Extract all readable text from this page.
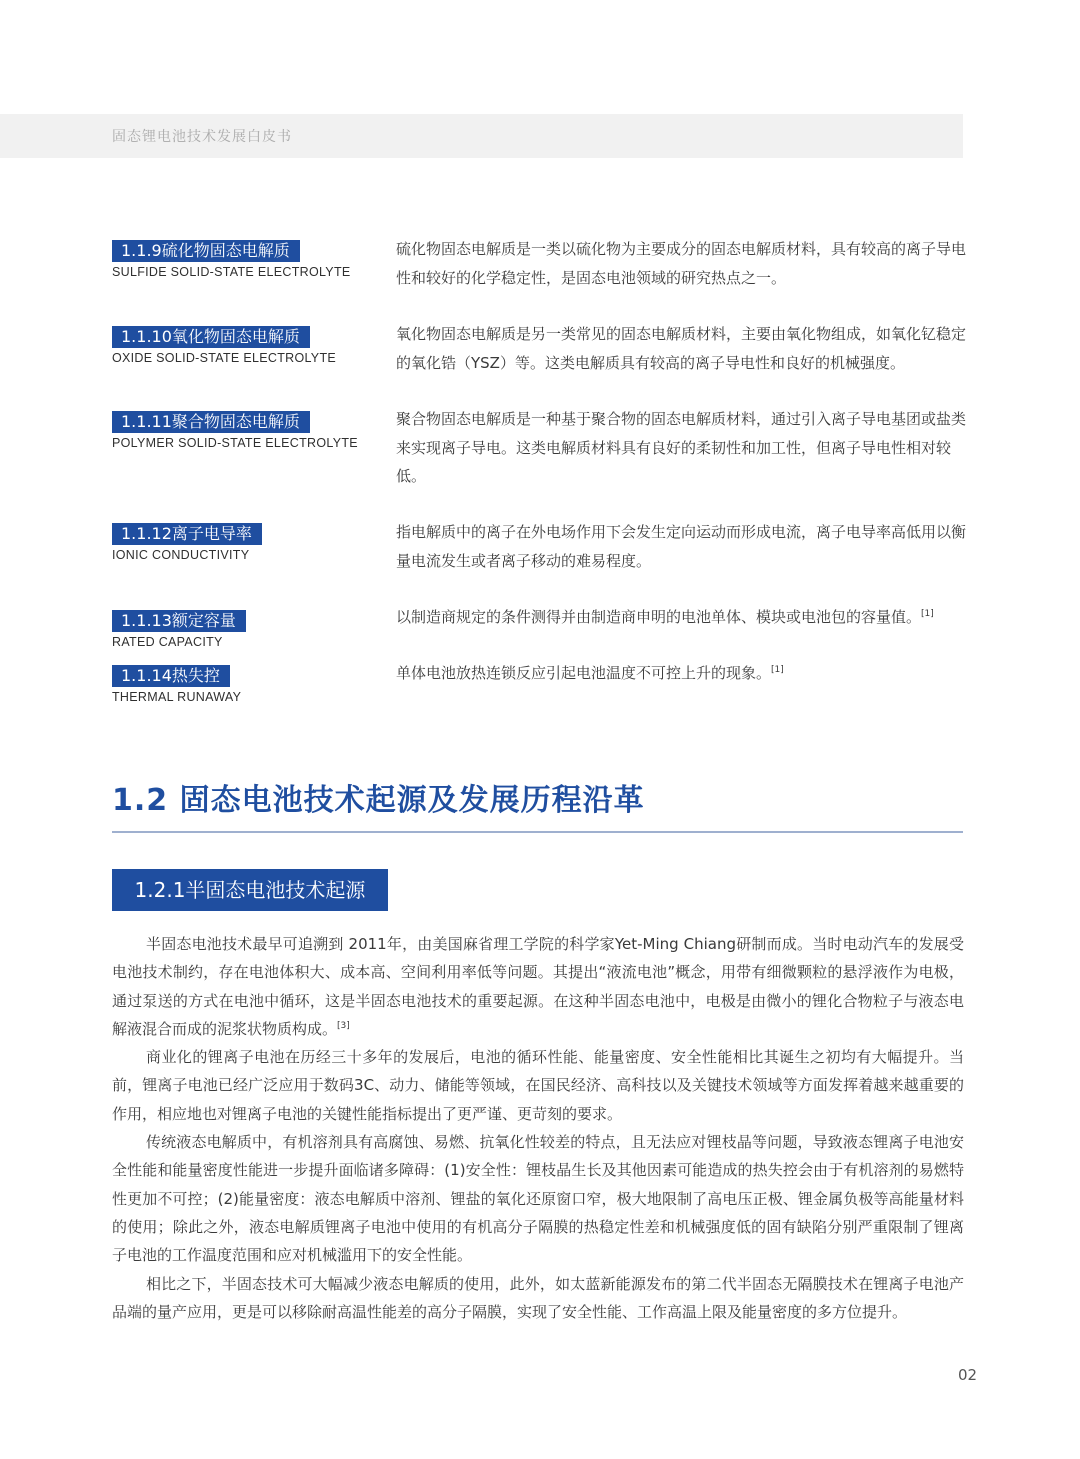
固态锂电池技术发展白皮书
1.1.9硫化物固态电解质
SULFIDE SOLID-STATE ELECTROLYTE
硫化物固态电解质是一类以硫化物为主要成分的固态电解质材料，具有较高的离子导电性和较好的化学稳定性，是固态电池领域的研究热点之一。
1.1.10氧化物固态电解质
OXIDE SOLID-STATE ELECTROLYTE
氧化物固态电解质是另一类常见的固态电解质材料，主要由氧化物组成，如氧化钇稳定的氧化锆（YSZ）等。这类电解质具有较高的离子导电性和良好的机械强度。
1.1.11聚合物固态电解质
POLYMER SOLID-STATE ELECTROLYTE
聚合物固态电解质是一种基于聚合物的固态电解质材料，通过引入离子导电基团或盐类来实现离子导电。这类电解质材料具有良好的柔韧性和加工性，但离子导电性相对较低。
1.1.12离子电导率
IONIC CONDUCTIVITY
指电解质中的离子在外电场作用下会发生定向运动而形成电流，离子电导率高低用以衡量电流发生或者离子移动的难易程度。
1.1.13额定容量
RATED CAPACITY
以制造商规定的条件测得并由制造商申明的电池单体、模块或电池包的容量值。[1]
1.1.14热失控
THERMAL RUNAWAY
单体电池放热连锁反应引起电池温度不可控上升的现象。[1]
1.2 固态电池技术起源及发展历程沿革
1.2.1半固态电池技术起源

半固态电池技术最早可追溯到 2011年，由美国麻省理工学院的科学家Yet-Ming Chiang研制而成。当时电动汽车的发展受电池技术制约，存在电池体积大、成本高、空间利用率低等问题。其提出“液流电池”概念，用带有细微颗粒的悬浮液作为电极，通过泵送的方式在电池中循环，这是半固态电池技术的重要起源。在这种半固态电池中，电极是由微小的锂化合物粒子与液态电解液混合而成的泥浆状物质构成。[3]

商业化的锂离子电池在历经三十多年的发展后，电池的循环性能、能量密度、安全性能相比其诞生之初均有大幅提升。当前，锂离子电池已经广泛应用于数码3C、动力、储能等领域，在国民经济、高科技以及关键技术领域等方面发挥着越来越重要的作用，相应地也对锂离子电池的关键性能指标提出了更严谨、更苛刻的要求。

传统液态电解质中，有机溶剂具有高腐蚀、易燃、抗氧化性较差的特点，且无法应对锂枝晶等问题，导致液态锂离子电池安全性能和能量密度性能进一步提升面临诸多障碍：(1)安全性：锂枝晶生长及其他因素可能造成的热失控会由于有机溶剂的易燃特性更加不可控；(2)能量密度：液态电解质中溶剂、锂盐的氧化还原窗口窄，极大地限制了高电压正极、锂金属负极等高能量材料的使用；除此之外，液态电解质锂离子电池中使用的有机高分子隔膜的热稳定性差和机械强度低的固有缺陷分别严重限制了锂离子电池的工作温度范围和应对机械滥用下的安全性能。

相比之下，半固态技术可大幅减少液态电解质的使用，此外，如太蓝新能源发布的第二代半固态无隔膜技术在锂离子电池产品端的量产应用，更是可以移除耐高温性能差的高分子隔膜，实现了安全性能、工作高温上限及能量密度的多方位提升。

02
